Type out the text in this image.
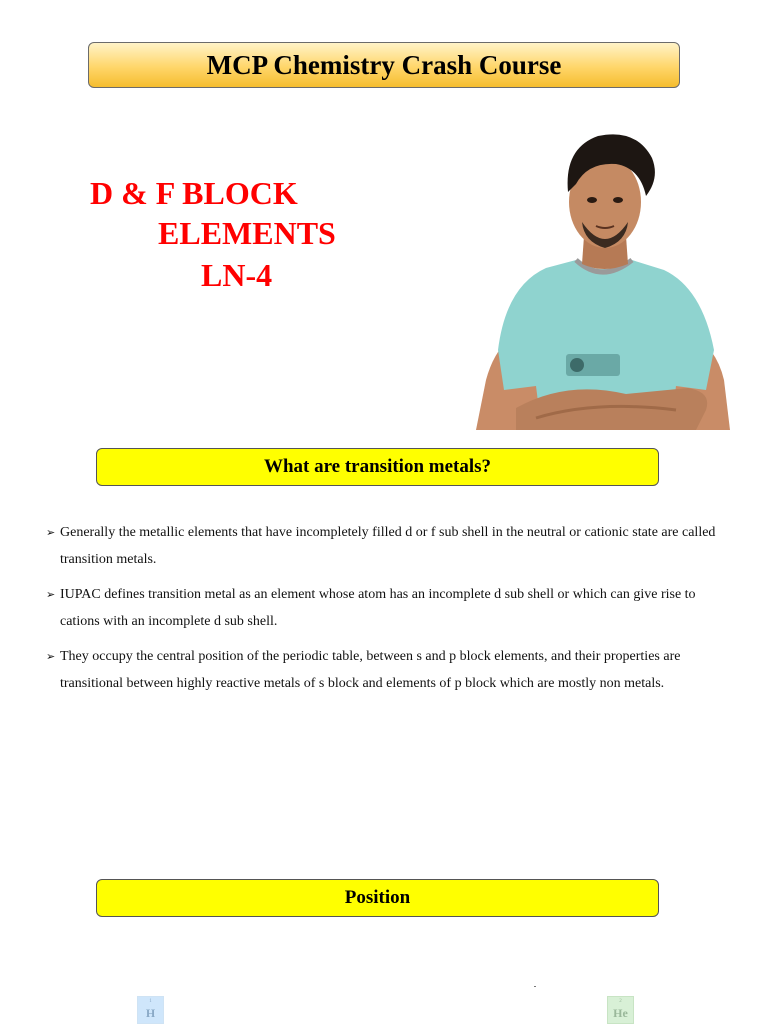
MCP Chemistry Crash Course
D & F BLOCK
ELEMENTS
LN-4
What are transition metals?
➢ Generally the metallic elements that have incompletely filled d or f sub shell in the neutral or cationic state are called transition metals.
➢ IUPAC defines transition metal as an element whose atom has an incomplete d sub shell or which can give rise to cations with an incomplete d sub shell.
➢ They occupy the central position of the periodic table, between s and p block elements, and their properties are transitional between highly reactive metals of s block and elements of p block which are mostly non metals.
Position
1
H
2
He
